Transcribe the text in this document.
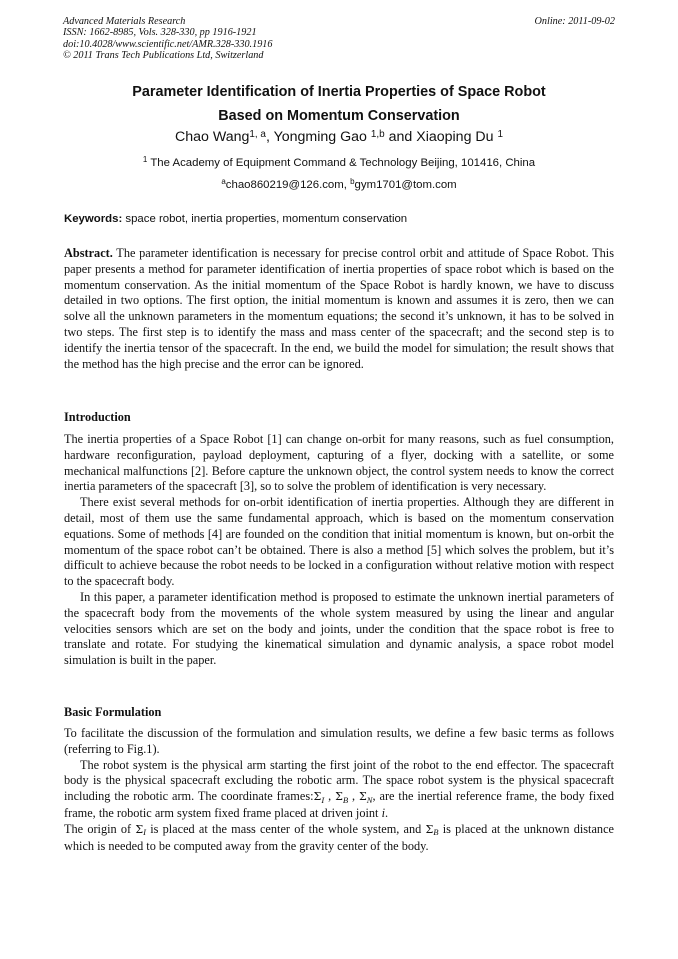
Advanced Materials Research	Online: 2011-09-02
ISSN: 1662-8985, Vols. 328-330, pp 1916-1921
doi:10.4028/www.scientific.net/AMR.328-330.1916
© 2011 Trans Tech Publications Ltd, Switzerland
Parameter Identification of Inertia Properties of Space Robot
Based on Momentum Conservation
Chao Wang$^{1, a}$, Yongming Gao $^{1,b}$ and Xiaoping Du $^1$
$^1$ The Academy of Equipment Command & Technology Beijing, 101416, China
$^a$chao860219@126.com, $^b$gym1701@tom.com
Keywords: space robot, inertia properties, momentum conservation
Abstract. The parameter identification is necessary for precise control orbit and attitude of Space Robot. This paper presents a method for parameter identification of inertia properties of space robot which is based on the momentum conservation. As the initial momentum of the Space Robot is hardly known, we have to discuss detailed in two options. The first option, the initial momentum is known and assumes it is zero, then we can solve all the unknown parameters in the momentum equations; the second it’s unknown, it has to be solved in two steps. The first step is to identify the mass and mass center of the spacecraft; and the second step is to identify the inertia tensor of the spacecraft. In the end, we build the model for simulation; the result shows that the method has the high precise and the error can be ignored.
Introduction

The inertia properties of a Space Robot [1] can change on-orbit for many reasons, such as fuel consumption, hardware reconfiguration, payload deployment, capturing of a flyer, docking with a satellite, or some mechanical malfunctions [2]. Before capture the unknown object, the control system needs to know the correct inertia parameters of the spacecraft [3], so to solve the problem of identification is very necessary.

There exist several methods for on-orbit identification of inertia properties. Although they are different in detail, most of them use the same fundamental approach, which is based on the momentum conservation equations. Some of methods [4] are founded on the condition that initial momentum is known, but on-orbit the momentum of the space robot can’t be obtained. There is also a method [5] which solves the problem, but it’s difficult to achieve because the robot needs to be locked in a configuration without relative motion with respect to the spacecraft body.

In this paper, a parameter identification method is proposed to estimate the unknown inertial parameters of the spacecraft body from the movements of the whole system measured by using the linear and angular velocities sensors which are set on the body and joints, under the condition that the space robot is free to translate and rotate. For studying the kinematical simulation and dynamic analysis, a space robot model simulation is built in the paper.

Basic Formulation

To facilitate the discussion of the formulation and simulation results, we define a few basic terms as follows (referring to Fig.1).

The robot system is the physical arm starting the first joint of the robot to the end effector. The spacecraft body is the physical spacecraft excluding the robotic arm. The space robot system is the physical spacecraft including the robotic arm. The coordinate $frames:\Sigma_I$ , $\Sigma_B$ , $\Sigma_N$, are the inertial reference frame, the body fixed frame, the robotic arm system fixed frame placed at driven joint i.

The origin of $\Sigma_I$ is placed at the mass center of the whole system, and $\Sigma_B$ is placed at the unknown distance which is needed to be computed away from the gravity center of the body.
